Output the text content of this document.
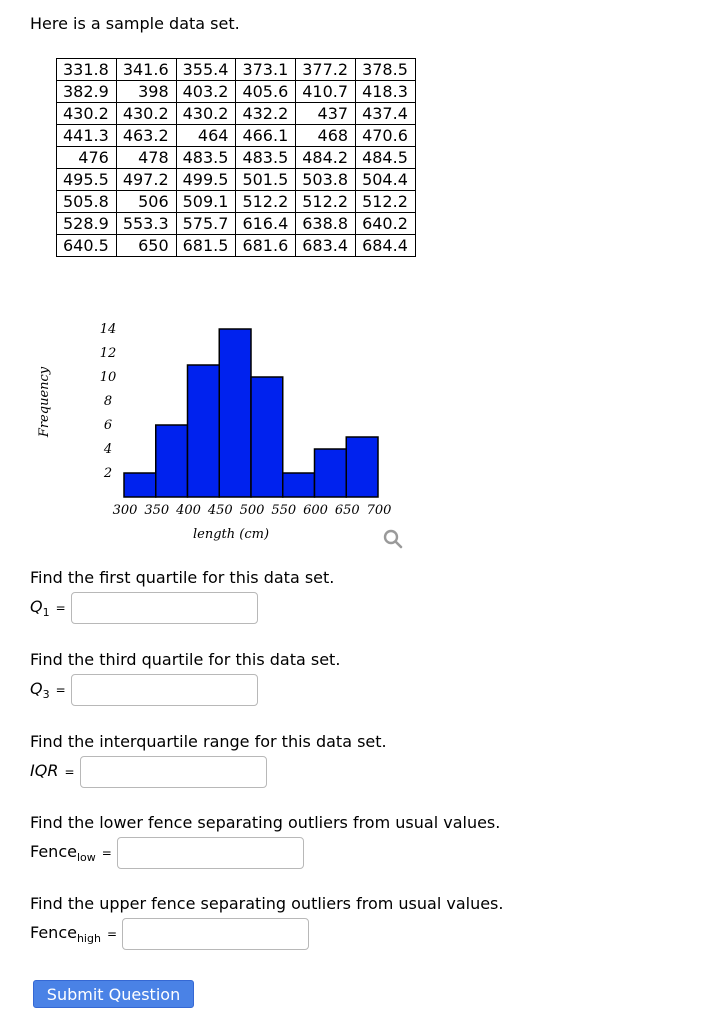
Here is a sample data set.
331.8	341.6	355.4	373.1	377.2	378.5
382.9	398	403.2	405.6	410.7	418.3
430.2	430.2	430.2	432.2	437	437.4
441.3	463.2	464	466.1	468	470.6
476	478	483.5	483.5	484.2	484.5
495.5	497.2	499.5	501.5	503.8	504.4
505.8	506	509.1	512.2	512.2	512.2
528.9	553.3	575.7	616.4	638.8	640.2
640.5	650	681.5	681.6	683.4	684.4
2
4
6
8
10
12
14
300 350 400 450 500 550 600 650 700
length (cm)
Frequency
Find the first quartile for this data set.
$Q_1$ =
Find the third quartile for this data set.
$Q_3$ =
Find the interquartile range for this data set.
IQR =
Find the lower fence separating outliers from usual values.
Fence$_{low}$ =
Find the upper fence separating outliers from usual values.
Fence$_{high}$ =
Submit Question
